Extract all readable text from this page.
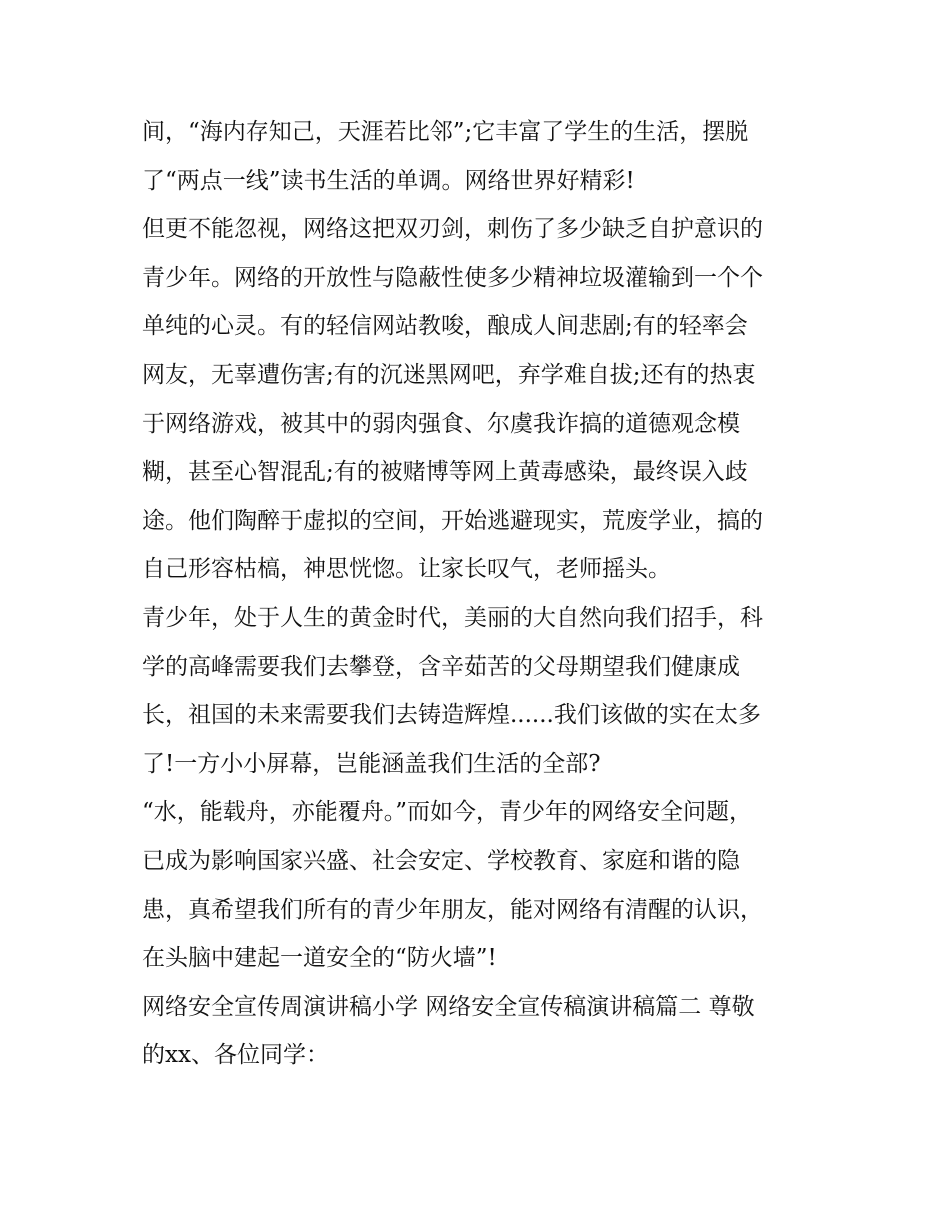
间，“海内存知己，天涯若比邻”;它丰富了学生的生活，摆脱
了“两点一线”读书生活的单调。网络世界好精彩!
但更不能忽视，网络这把双刃剑，刺伤了多少缺乏自护意识的
青少年。网络的开放性与隐蔽性使多少精神垃圾灌输到一个个
单纯的心灵。有的轻信网站教唆，酿成人间悲剧;有的轻率会
网友，无辜遭伤害;有的沉迷黑网吧，弃学难自拔;还有的热衷
于网络游戏，被其中的弱肉强食、尔虞我诈搞的道德观念模
糊，甚至心智混乱;有的被赌博等网上黄毒感染，最终误入歧
途。他们陶醉于虚拟的空间，开始逃避现实，荒废学业，搞的
自己形容枯槁，神思恍惚。让家长叹气，老师摇头。
青少年，处于人生的黄金时代，美丽的大自然向我们招手，科
学的高峰需要我们去攀登，含辛茹苦的父母期望我们健康成
长，祖国的未来需要我们去铸造辉煌......我们该做的实在太多
了!一方小小屏幕，岂能涵盖我们生活的全部?
“水，能载舟，亦能覆舟。”而如今，青少年的网络安全问题，
已成为影响国家兴盛、社会安定、学校教育、家庭和谐的隐
患，真希望我们所有的青少年朋友，能对网络有清醒的认识，
在头脑中建起一道安全的“防火墙”!
网络安全宣传周演讲稿小学 网络安全宣传稿演讲稿篇二 尊敬
的xx、各位同学：
